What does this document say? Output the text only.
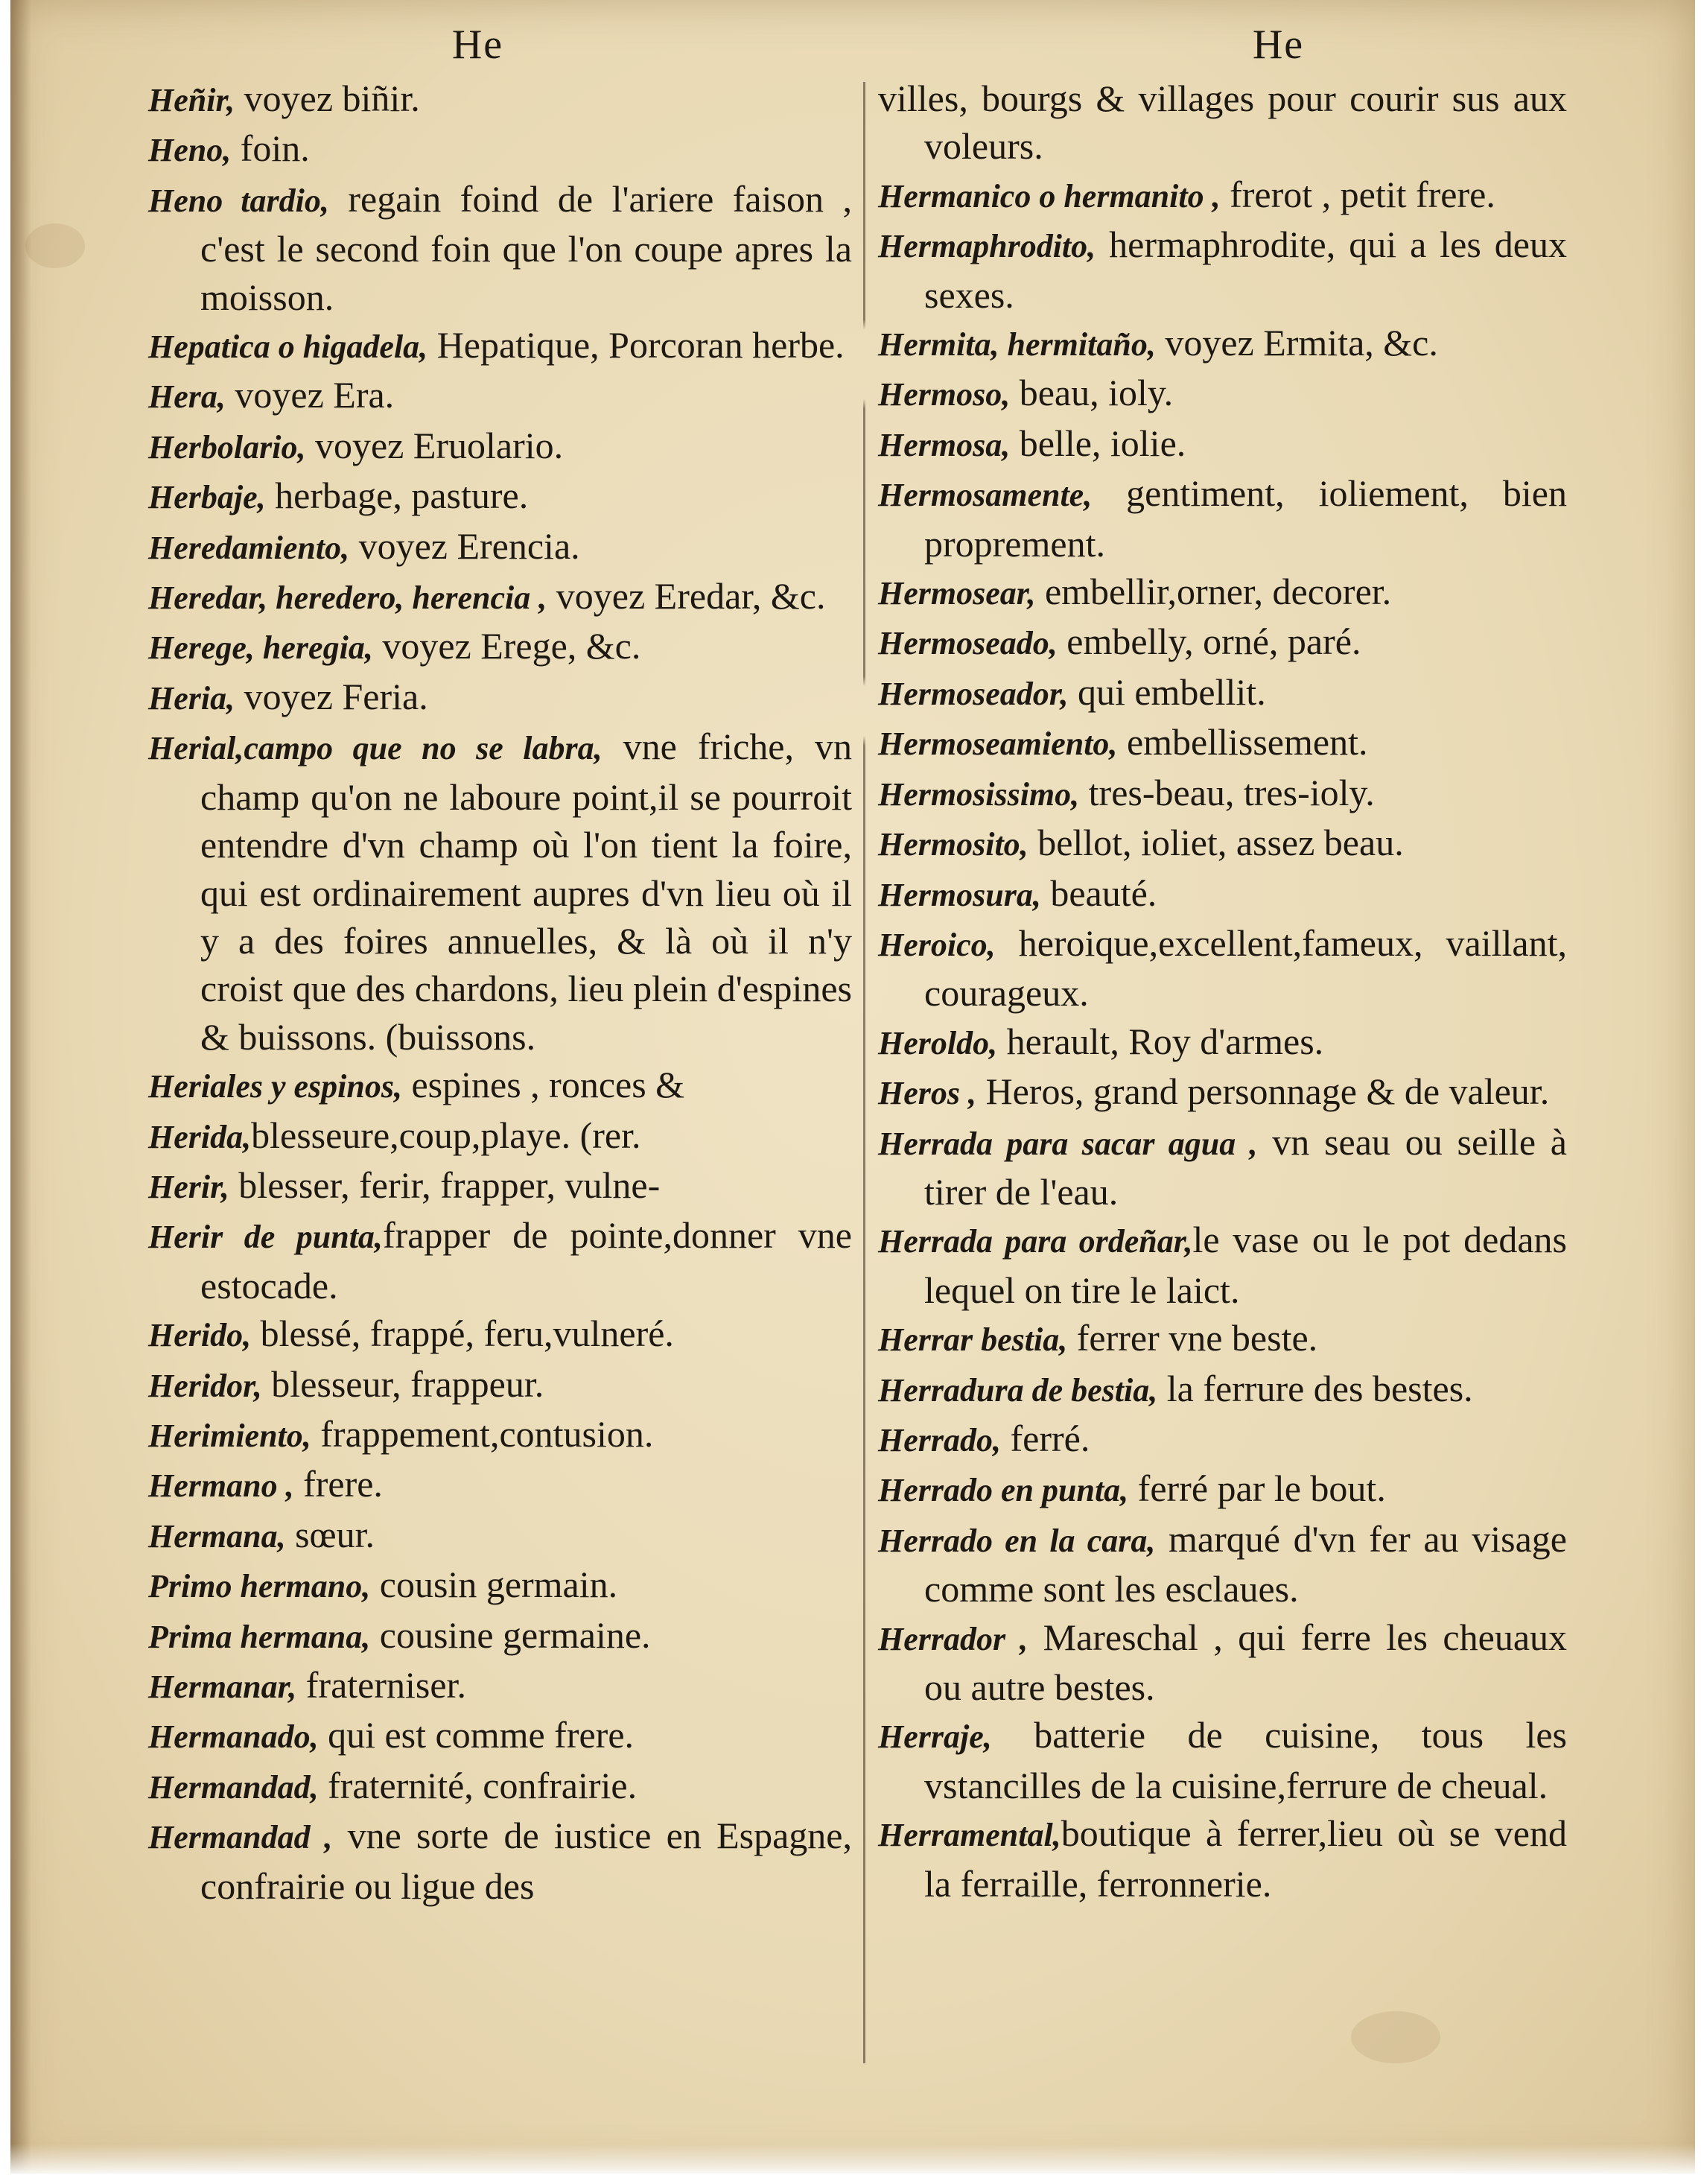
He

Heñir, voyez biñir.

Heno, foin.

Heno tardio, regain foind de l'ariere faison , c'est le second foin que l'on coupe apres la moisson.

Hepatica o higadela, Hepatique, Porcoran herbe.

Hera, voyez Era.

Herbolario, voyez Eruolario.

Herbaje, herbage, pasture.

Heredamiento, voyez Erencia.

Heredar, heredero, herencia , voyez Eredar, &c.

Herege, heregia, voyez Erege, &c.

Heria, voyez Feria.

Herial,campo que no se labra, vne friche, vn champ qu'on ne laboure point,il se pourroit entendre d'vn champ où l'on tient la foire, qui est ordinairement aupres d'vn lieu où il y a des foires annuelles, & là où il n'y croist que des chardons, lieu plein d'espines & buissons. (buissons.

Heriales y espinos, espines , ronces &

Herida,blesseure,coup,playe. (rer.

Herir, blesser, ferir, frapper, vulne-

Herir de punta,frapper de pointe,donner vne estocade.

Herido, blessé, frappé, feru,vulneré.

Heridor, blesseur, frappeur.

Herimiento, frappement,contusion.

Hermano , frere.

Hermana, sœur.

Primo hermano, cousin germain.

Prima hermana, cousine germaine.

Hermanar, fraterniser.

Hermanado, qui est comme frere.

Hermandad, fraternité, confrairie.

Hermandad , vne sorte de iustice en Espagne, confrairie ou ligue des

He

villes, bourgs & villages pour courir sus aux voleurs.

Hermanico o hermanito , frerot , petit frere.

Hermaphrodito, hermaphrodite, qui a les deux sexes.

Hermita, hermitaño, voyez Ermita, &c.

Hermoso, beau, ioly.

Hermosa, belle, iolie.

Hermosamente, gentiment, ioliement, bien proprement.

Hermosear, embellir,orner, decorer.

Hermoseado, embelly, orné, paré.

Hermoseador, qui embellit.

Hermoseamiento, embellissement.

Hermosissimo, tres-beau, tres-ioly.

Hermosito, bellot, ioliet, assez beau.

Hermosura, beauté.

Heroico, heroique,excellent,fameux, vaillant, courageux.

Heroldo, herault, Roy d'armes.

Heros , Heros, grand personnage & de valeur.

Herrada para sacar agua , vn seau ou seille à tirer de l'eau.

Herrada para ordeñar,le vase ou le pot dedans lequel on tire le laict.

Herrar bestia, ferrer vne beste.

Herradura de bestia, la ferrure des bestes.

Herrado, ferré.

Herrado en punta, ferré par le bout.

Herrado en la cara, marqué d'vn fer au visage comme sont les esclaues.

Herrador , Mareschal , qui ferre les cheuaux ou autre bestes.

Herraje, batterie de cuisine, tous les vstancilles de la cuisine,ferrure de cheual.

Herramental,boutique à ferrer,lieu où se vend la ferraille, ferronnerie.
